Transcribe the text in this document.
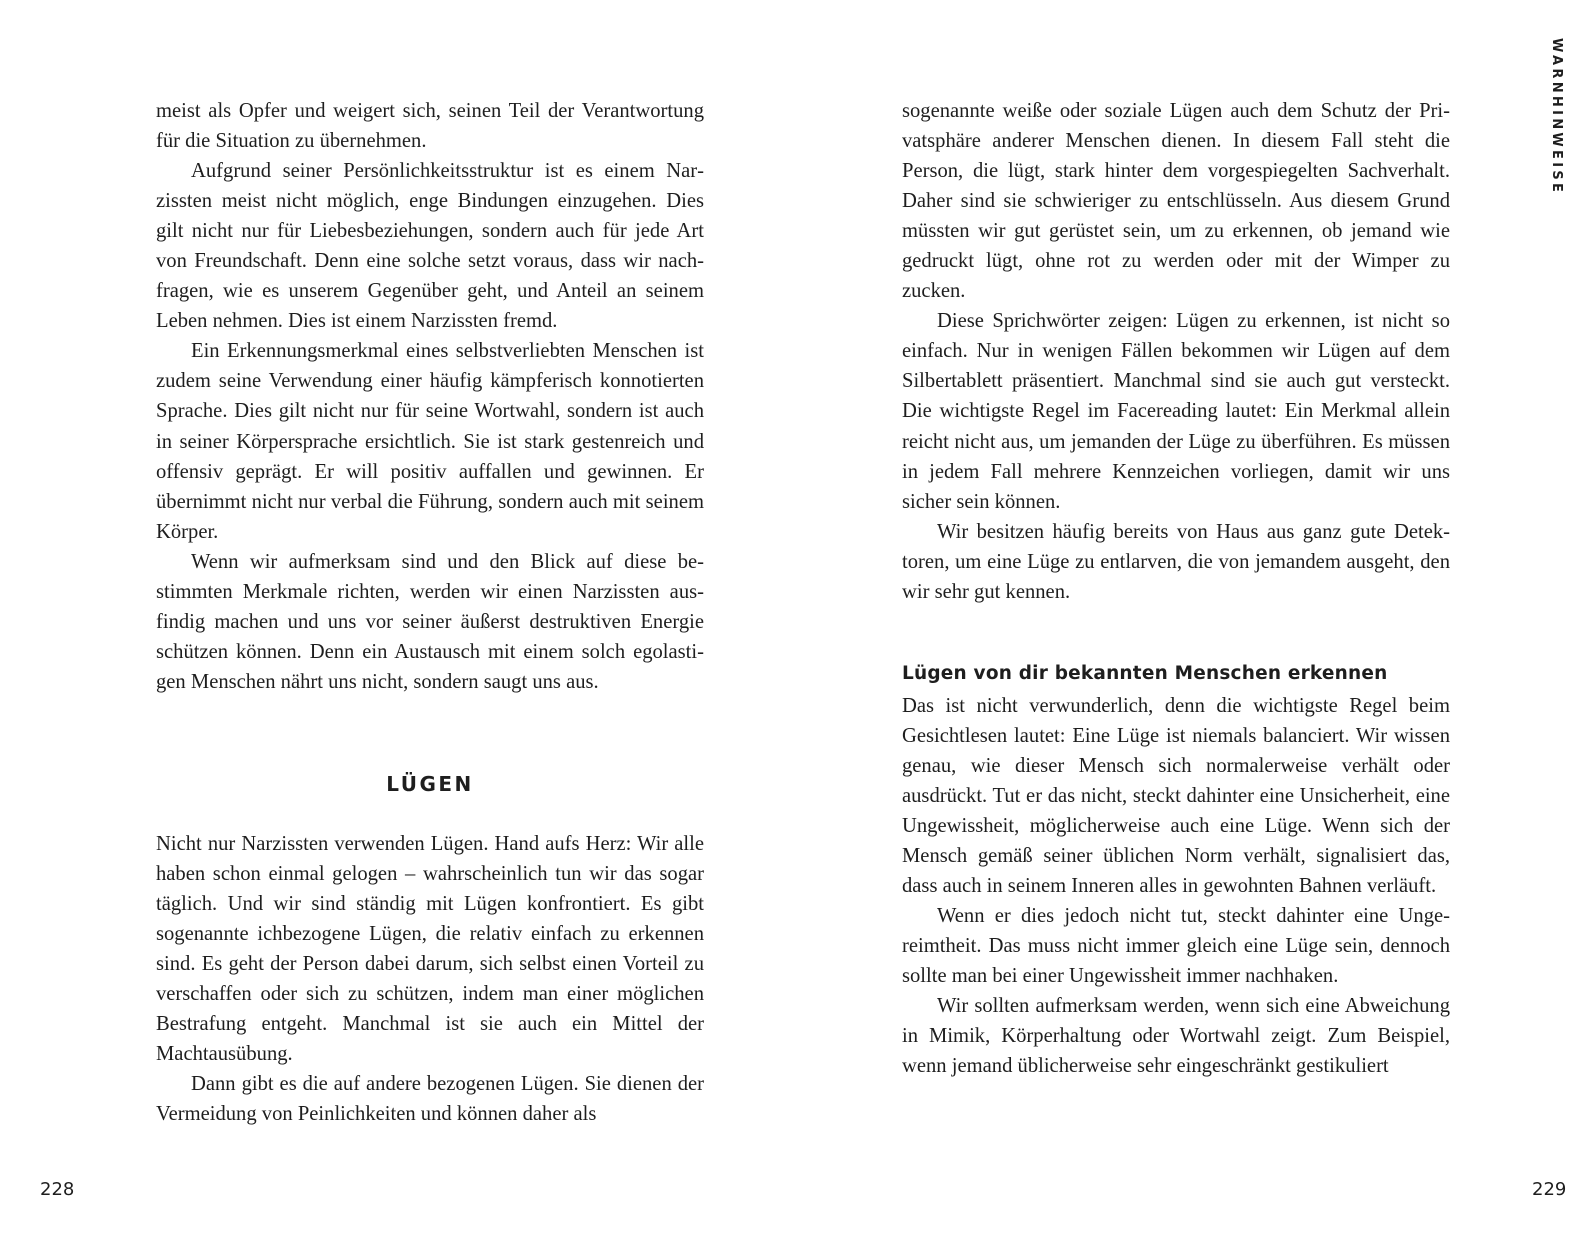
meist als Opfer und weigert sich, seinen Teil der Verantwortung für die Situation zu übernehmen.

Aufgrund seiner Persönlichkeitsstruktur ist es einem Narzissten meist nicht möglich, enge Bindungen einzugehen. Dies gilt nicht nur für Liebesbeziehungen, sondern auch für jede Art von Freundschaft. Denn eine solche setzt voraus, dass wir nachfragen, wie es unserem Gegenüber geht, und Anteil an seinem Leben nehmen. Dies ist einem Narzissten fremd.

Ein Erkennungsmerkmal eines selbstverliebten Menschen ist zudem seine Verwendung einer häufig kämpferisch konnotierten Sprache. Dies gilt nicht nur für seine Wortwahl, sondern ist auch in seiner Körpersprache ersichtlich. Sie ist stark gestenreich und offensiv geprägt. Er will positiv auffallen und gewinnen. Er übernimmt nicht nur verbal die Führung, sondern auch mit seinem Körper.

Wenn wir aufmerksam sind und den Blick auf diese bestimmten Merkmale richten, werden wir einen Narzissten ausfindig machen und uns vor seiner äußerst destruktiven Energie schützen können. Denn ein Austausch mit einem solch egolastigen Menschen nährt uns nicht, sondern saugt uns aus.

LÜGEN

Nicht nur Narzissten verwenden Lügen. Hand aufs Herz: Wir alle haben schon einmal gelogen – wahrscheinlich tun wir das sogar täglich. Und wir sind ständig mit Lügen konfrontiert. Es gibt sogenannte ichbezogene Lügen, die relativ einfach zu erkennen sind. Es geht der Person dabei darum, sich selbst einen Vorteil zu verschaffen oder sich zu schützen, indem man einer möglichen Bestrafung entgeht. Manchmal ist sie auch ein Mittel der Machtausübung.

Dann gibt es die auf andere bezogenen Lügen. Sie dienen der Vermeidung von Peinlichkeiten und können daher als

228
WARNHINWEISE

sogenannte weiße oder soziale Lügen auch dem Schutz der Privatsphäre anderer Menschen dienen. In diesem Fall steht die Person, die lügt, stark hinter dem vorgespiegelten Sachverhalt. Daher sind sie schwieriger zu entschlüsseln. Aus diesem Grund müssten wir gut gerüstet sein, um zu erkennen, ob jemand wie gedruckt lügt, ohne rot zu werden oder mit der Wimper zu zucken.

Diese Sprichwörter zeigen: Lügen zu erkennen, ist nicht so einfach. Nur in wenigen Fällen bekommen wir Lügen auf dem Silbertablett präsentiert. Manchmal sind sie auch gut versteckt. Die wichtigste Regel im Facereading lautet: Ein Merkmal allein reicht nicht aus, um jemanden der Lüge zu überführen. Es müssen in jedem Fall mehrere Kennzeichen vorliegen, damit wir uns sicher sein können.

Wir besitzen häufig bereits von Haus aus ganz gute Detektoren, um eine Lüge zu entlarven, die von jemandem ausgeht, den wir sehr gut kennen.

Lügen von dir bekannten Menschen erkennen

Das ist nicht verwunderlich, denn die wichtigste Regel beim Gesichtlesen lautet: Eine Lüge ist niemals balanciert. Wir wissen genau, wie dieser Mensch sich normalerweise verhält oder ausdrückt. Tut er das nicht, steckt dahinter eine Unsicherheit, eine Ungewissheit, möglicherweise auch eine Lüge. Wenn sich der Mensch gemäß seiner üblichen Norm verhält, signalisiert das, dass auch in seinem Inneren alles in gewohnten Bahnen verläuft.

Wenn er dies jedoch nicht tut, steckt dahinter eine Ungereimtheit. Das muss nicht immer gleich eine Lüge sein, dennoch sollte man bei einer Ungewissheit immer nachhaken.

Wir sollten aufmerksam werden, wenn sich eine Abweichung in Mimik, Körperhaltung oder Wortwahl zeigt. Zum Beispiel, wenn jemand üblicherweise sehr eingeschränkt gestikuliert

229
